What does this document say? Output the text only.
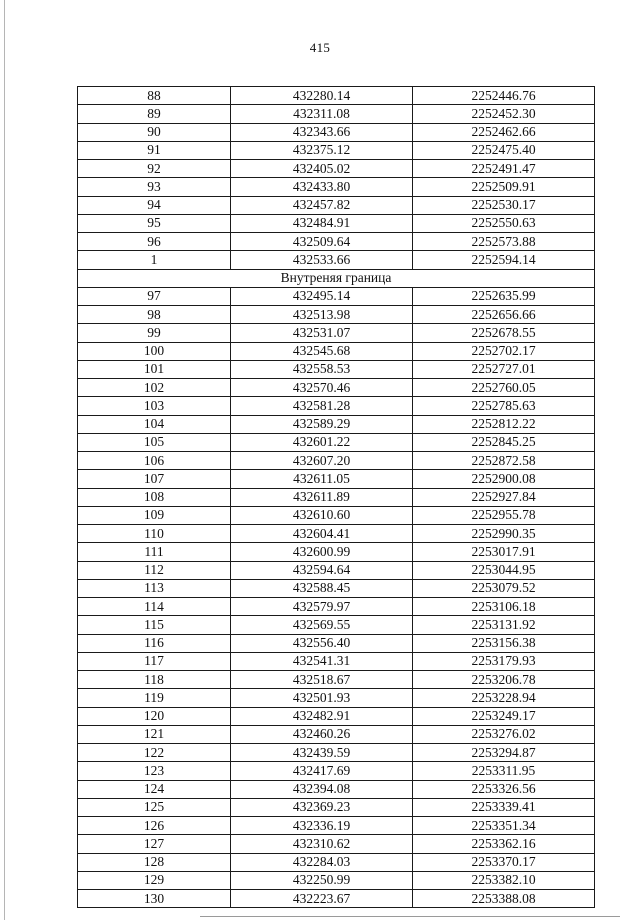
415
88	432280.14	2252446.76
89	432311.08	2252452.30
90	432343.66	2252462.66
91	432375.12	2252475.40
92	432405.02	2252491.47
93	432433.80	2252509.91
94	432457.82	2252530.17
95	432484.91	2252550.63
96	432509.64	2252573.88
1	432533.66	2252594.14
Внутреняя граница		
97	432495.14	2252635.99
98	432513.98	2252656.66
99	432531.07	2252678.55
100	432545.68	2252702.17
101	432558.53	2252727.01
102	432570.46	2252760.05
103	432581.28	2252785.63
104	432589.29	2252812.22
105	432601.22	2252845.25
106	432607.20	2252872.58
107	432611.05	2252900.08
108	432611.89	2252927.84
109	432610.60	2252955.78
110	432604.41	2252990.35
111	432600.99	2253017.91
112	432594.64	2253044.95
113	432588.45	2253079.52
114	432579.97	2253106.18
115	432569.55	2253131.92
116	432556.40	2253156.38
117	432541.31	2253179.93
118	432518.67	2253206.78
119	432501.93	2253228.94
120	432482.91	2253249.17
121	432460.26	2253276.02
122	432439.59	2253294.87
123	432417.69	2253311.95
124	432394.08	2253326.56
125	432369.23	2253339.41
126	432336.19	2253351.34
127	432310.62	2253362.16
128	432284.03	2253370.17
129	432250.99	2253382.10
130	432223.67	2253388.08
